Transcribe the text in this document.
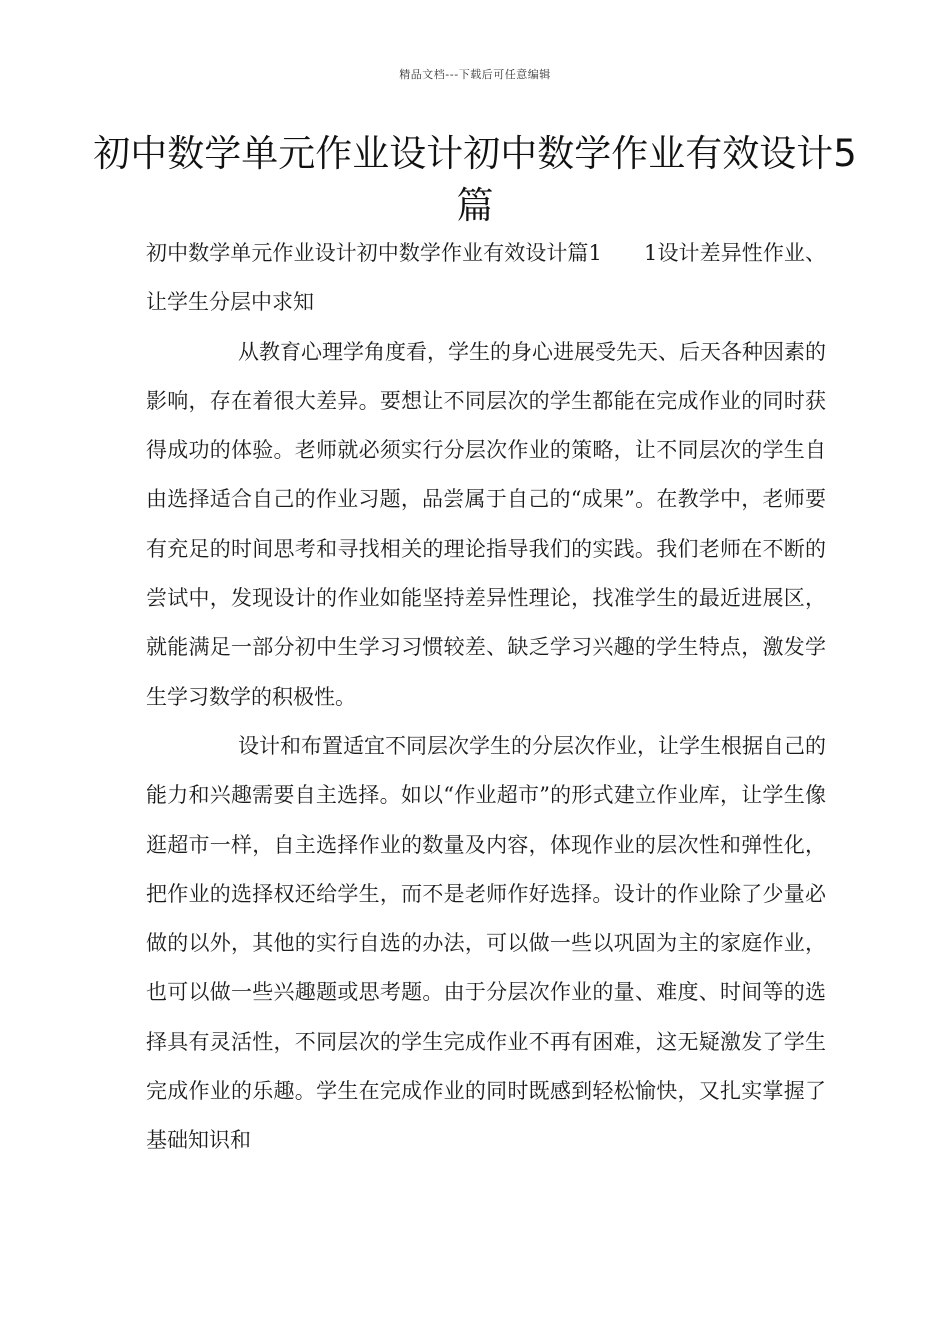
精品文档---下载后可任意编辑
初中数学单元作业设计初中数学作业有效设计5篇

初中数学单元作业设计初中数学作业有效设计篇1　　1设计差异性作业、让学生分层中求知

从教育心理学角度看，学生的身心进展受先天、后天各种因素的影响，存在着很大差异。要想让不同层次的学生都能在完成作业的同时获得成功的体验。老师就必须实行分层次作业的策略，让不同层次的学生自由选择适合自己的作业习题，品尝属于自己的“成果”。在教学中，老师要有充足的时间思考和寻找相关的理论指导我们的实践。我们老师在不断的尝试中，发现设计的作业如能坚持差异性理论，找准学生的最近进展区，就能满足一部分初中生学习习惯较差、缺乏学习兴趣的学生特点，激发学生学习数学的积极性。

设计和布置适宜不同层次学生的分层次作业，让学生根据自己的能力和兴趣需要自主选择。如以“作业超市”的形式建立作业库，让学生像逛超市一样，自主选择作业的数量及内容，体现作业的层次性和弹性化，把作业的选择权还给学生，而不是老师作好选择。设计的作业除了少量必做的以外，其他的实行自选的办法，可以做一些以巩固为主的家庭作业，也可以做一些兴趣题或思考题。由于分层次作业的量、难度、时间等的选择具有灵活性，不同层次的学生完成作业不再有困难，这无疑激发了学生完成作业的乐趣。学生在完成作业的同时既感到轻松愉快，又扎实掌握了基础知识和
